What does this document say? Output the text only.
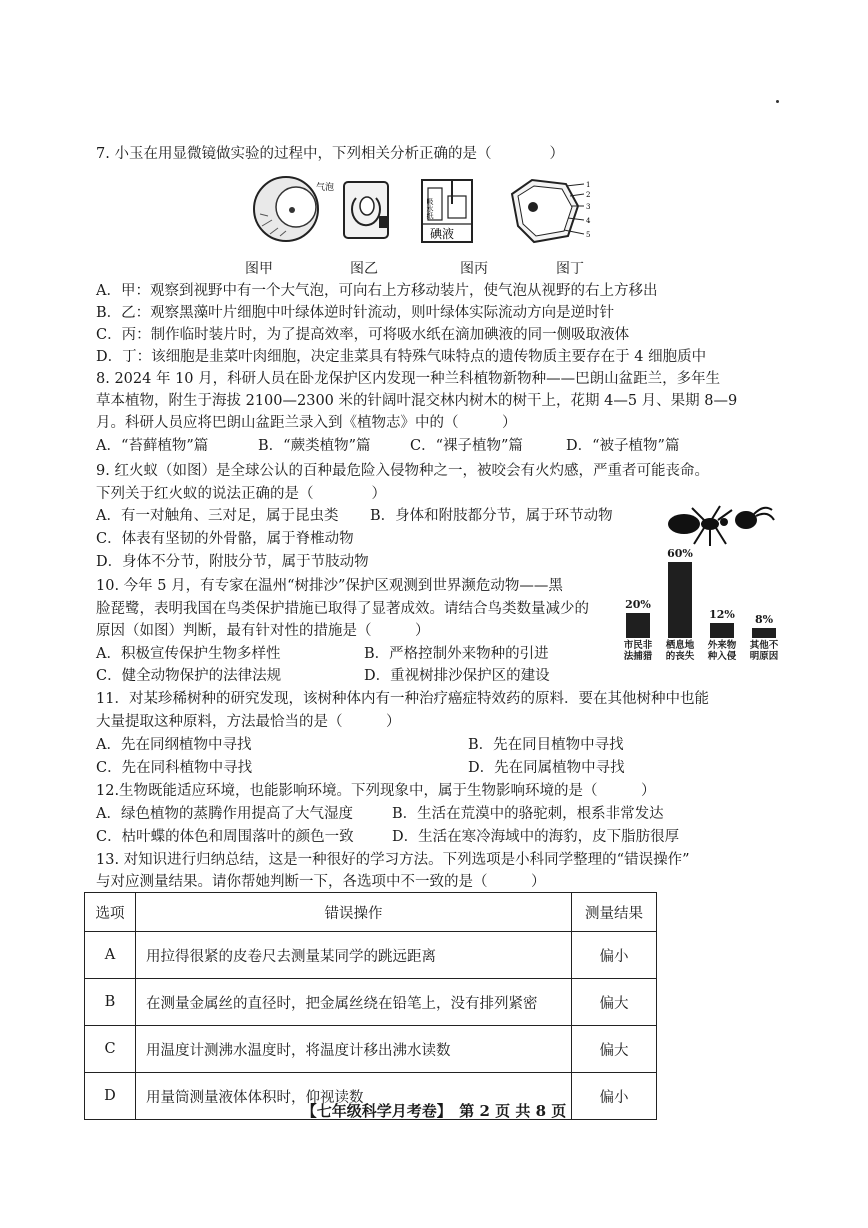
7. 小玉在用显微镜做实验的过程中，下列相关分析正确的是（　　　　）
气泡
吸水纸
碘液
1
2
3
4
5
图甲	图乙	图丙	图丁
A．甲：观察到视野中有一个大气泡，可向右上方移动装片，使气泡从视野的右上方移出
B．乙：观察黑藻叶片细胞中叶绿体逆时针流动，则叶绿体实际流动方向是逆时针
C．丙：制作临时装片时，为了提高效率，可将吸水纸在滴加碘液的同一侧吸取液体
D．丁：该细胞是韭菜叶肉细胞，决定韭菜具有特殊气味特点的遗传物质主要存在于 4 细胞质中
8. 2024 年 10 月，科研人员在卧龙保护区内发现一种兰科植物新物种——巴朗山盆距兰，多年生
草本植物，附生于海拔 2100—2300 米的针阔叶混交林内树木的树干上，花期 4—5 月、果期 8—9
月。科研人员应将巴朗山盆距兰录入到《植物志》中的（　　　）
A．“苔藓植物”篇	B．“蕨类植物”篇	C．“裸子植物”篇	D．“被子植物”篇
9. 红火蚁（如图）是全球公认的百种最危险入侵物种之一，被咬会有火灼感，严重者可能丧命。
下列关于红火蚁的说法正确的是（　　　　）
A．有一对触角、三对足，属于昆虫类 B．身体和附肢都分节，属于环节动物
C．体表有坚韧的外骨骼，属于脊椎动物
D．身体不分节，附肢分节，属于节肢动物
10. 今年 5 月，有专家在温州“树排沙”保护区观测到世界濒危动物——黑
脸琵鹭，表明我国在鸟类保护措施已取得了显著成效。请结合鸟类数量减少的
原因（如图）判断，最有针对性的措施是（　　　）
A．积极宣传保护生物多样性	B．严格控制外来物种的引进
C．健全动物保护的法律法规	D．重视树排沙保护区的建设
20%
市民非
法捕猎
60%
栖息地
的丧失
12%
外来物
种入侵
8%
其他不
明原因
11．对某珍稀树种的研究发现，该树种体内有一种治疗癌症特效药的原料．要在其他树种中也能
大量提取这种原料，方法最恰当的是（　　　）
A．先在同纲植物中寻找	B．先在同目植物中寻找
C．先在同科植物中寻找	D．先在同属植物中寻找
12.生物既能适应环境，也能影响环境。下列现象中，属于生物影响环境的是（　　　）
A．绿色植物的蒸腾作用提高了大气湿度	B．生活在荒漠中的骆驼刺，根系非常发达
C．枯叶蝶的体色和周围落叶的颜色一致	D．生活在寒冷海域中的海豹，皮下脂肪很厚
13. 对知识进行归纳总结，这是一种很好的学习方法。下列选项是小科同学整理的“错误操作”
与对应测量结果。请你帮她判断一下，各选项中不一致的是（　　　）
选项	错误操作	测量结果
A	用拉得很紧的皮卷尺去测量某同学的跳远距离	偏小
B	在测量金属丝的直径时，把金属丝绕在铅笔上，没有排列紧密	偏大
C	用温度计测沸水温度时，将温度计移出沸水读数	偏大
D	用量筒测量液体体积时，仰视读数	偏小
【七年级科学月考卷】　第 2 页 共 8 页
